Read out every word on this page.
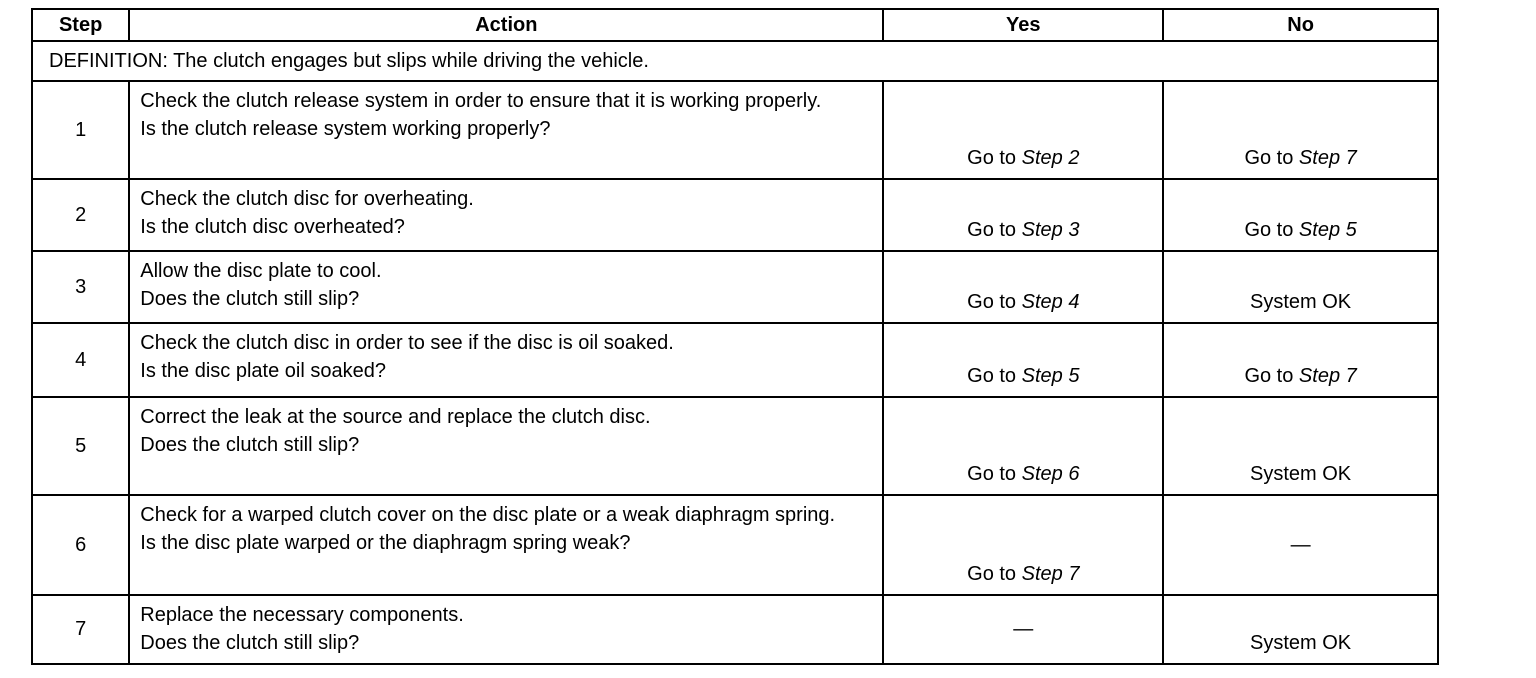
Step	Action	Yes	No
DEFINITION: The clutch engages but slips while driving the vehicle.			
1	Check the clutch release system in order to ensure that it is working properly.
Is the clutch release system working properly?	Go to Step 2	Go to Step 7
2	Check the clutch disc for overheating.
Is the clutch disc overheated?	Go to Step 3	Go to Step 5
3	Allow the disc plate to cool.
Does the clutch still slip?	Go to Step 4	System OK
4	Check the clutch disc in order to see if the disc is oil soaked.
Is the disc plate oil soaked?	Go to Step 5	Go to Step 7
5	Correct the leak at the source and replace the clutch disc.
Does the clutch still slip?	Go to Step 6	System OK
6	Check for a warped clutch cover on the disc plate or a weak diaphragm spring.
Is the disc plate warped or the diaphragm spring weak?	Go to Step 7	—
7	Replace the necessary components.
Does the clutch still slip?	—	System OK
